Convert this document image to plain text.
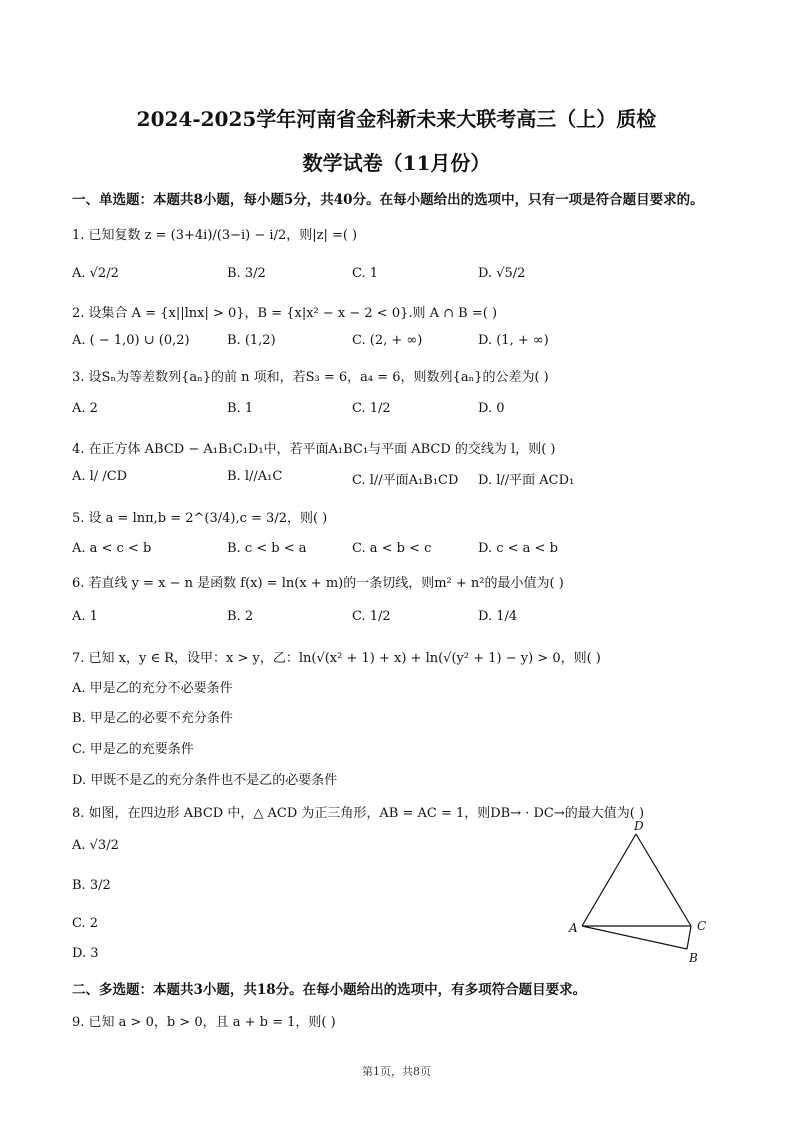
2024-2025学年河南省金科新未来大联考高三（上）质检
数学试卷（11月份）
一、单选题：本题共8小题，每小题5分，共40分。在每小题给出的选项中，只有一项是符合题目要求的。
1. 已知复数 z = (3+4i)/(3−i) − i/2，则|z| =( )
A. √2/2	B. 3/2	C. 1	D. √5/2
2. 设集合 A = {x||lnx| > 0}，B = {x|x² − x − 2 < 0}.则 A ∩ B =( )
A. ( − 1,0) ∪ (0,2)	B. (1,2)	C. (2, + ∞)	D. (1, + ∞)
3. 设Sₙ为等差数列{aₙ}的前 n 项和，若S₃ = 6，a₄ = 6，则数列{aₙ}的公差为( )
A. 2	B. 1	C. 1/2	D. 0
4. 在正方体 ABCD − A₁B₁C₁D₁中，若平面A₁BC₁与平面 ABCD 的交线为 l，则( )
A. l/ /CD	B. l//A₁C	C. l//平面A₁B₁CD D. l//平面 ACD₁
5. 设 a = lnπ,b = 2^(3/4),c = 3/2，则( )
A. a < c < b	B. c < b < a	C. a < b < c	D. c < a < b
6. 若直线 y = x − n 是函数 f(x) = ln(x + m)的一条切线，则m² + n²的最小值为( )
A. 1	B. 2	C. 1/2	D. 1/4
7. 已知 x，y ∈ R，设甲：x > y，乙：ln(√(x² + 1) + x) + ln(√(y² + 1) − y) > 0，则( )
A. 甲是乙的充分不必要条件
B. 甲是乙的必要不充分条件
C. 甲是乙的充要条件
D. 甲既不是乙的充分条件也不是乙的必要条件
8. 如图，在四边形 ABCD 中，△ ACD 为正三角形，AB = AC = 1，则DB→ · DC→的最大值为( )
A. √3/2
B. 3/2
C. 2
D. 3
D
A	C
B
二、多选题：本题共3小题，共18分。在每小题给出的选项中，有多项符合题目要求。
9. 已知 a > 0，b > 0，且 a + b = 1，则( )
第1页，共8页
